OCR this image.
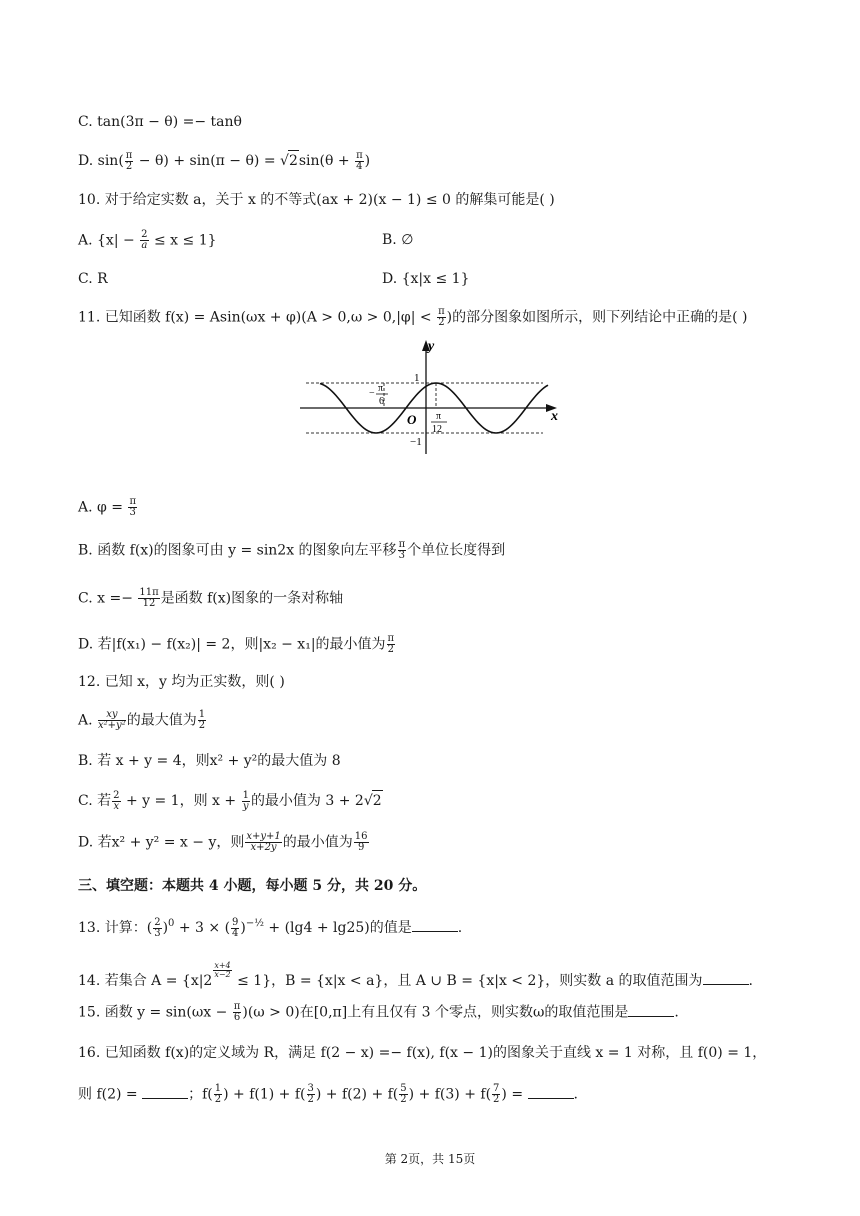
C. tan(3π − θ) =− tanθ
D. $\sin( \frac{\pi}{2} - \theta) + \sin(\pi - \theta) = √2\sin(\theta + \frac{\pi}{4}$ )
10. 对于给定实数 a，关于 x 的不等式(ax + 2)(x − 1) ≤ 0 的解集可能是( )
A. $\{x| - \frac{2}{a} \le x \le 1\}$	B. ∅
C. R	D. {x|x ≤ 1}
11. 已知函数 $f(x) = Asin(\omega x + \varphi)(A > 0,\omega > 0,|\varphi| < \frac{\pi}{2}$ )的部分图象如图所示，则下列结论中正确的是( )
y
x
O
1
−1
− π
6
π
12
A. $\varphi = \frac{\pi}{3}$
B. 函数 f(x)的图象可由 y = sin2x 的图象向左平移 $\frac{\pi}{3}$ 个单位长度得到
C. $x =- \frac{11\pi}{12}$ 是函数 f(x)图象的一条对称轴
D. 若|f(x₁) − f(x₂)| = 2，则|x₂ − x₁|的最小值为 $\frac{\pi}{2}$
12. 已知 x，y 均为正实数，则( )
A. $\frac{xy}{\text{x²+y²}}$ 的最大值为 $\frac{1}{2}$
B. 若 x + y = 4，则x² + y²的最大值为 8
C. 若 $\frac{2}{x} + y = 1$，则 $x + \frac{1}{y}$ 的最小值为 3 + 2√2
D. 若x² + y² = x − y，则 $\frac{x+y+1}{x+2y}$ 的最小值为 $\frac{16}{9}$
三、填空题：本题共 4 小题，每小题 5 分，共 20 分。
13. 计算：( $\frac{2}{3} )^0 + 3$ × ( $\frac{9}{4} )^{-\frac{1}{2}} + (\lg 4 + \lg 25)$的值是	.
14. 若集合 A = {x|2
$\frac{x+4}{x-2}$
≤ 1}，B = {x|x < a}，且 A ∪ B = {x|x < 2}，则实数 a 的取值范围为	.
15. 函数 $y = \sin(\omega x - \frac{\pi}{6} )(\omega > 0)$在[0,π]上有且仅有 3 个零点，则实数ω的取值范围是	.
16. 已知函数 f(x)的定义域为 R，满足 f(2 − x) =− f(x), f(x − 1)的图象关于直线 x = 1 对称，且 f(0) = 1，
则 f(2) =	；$f( \frac{1}{2}$ ) + $f(1) + f( \frac{3}{2}$ ) + $f(2) + f( \frac{5}{2}$ ) + $f(3) + f( \frac{7}{2}$ ) =	.
第 2页，共 15页
